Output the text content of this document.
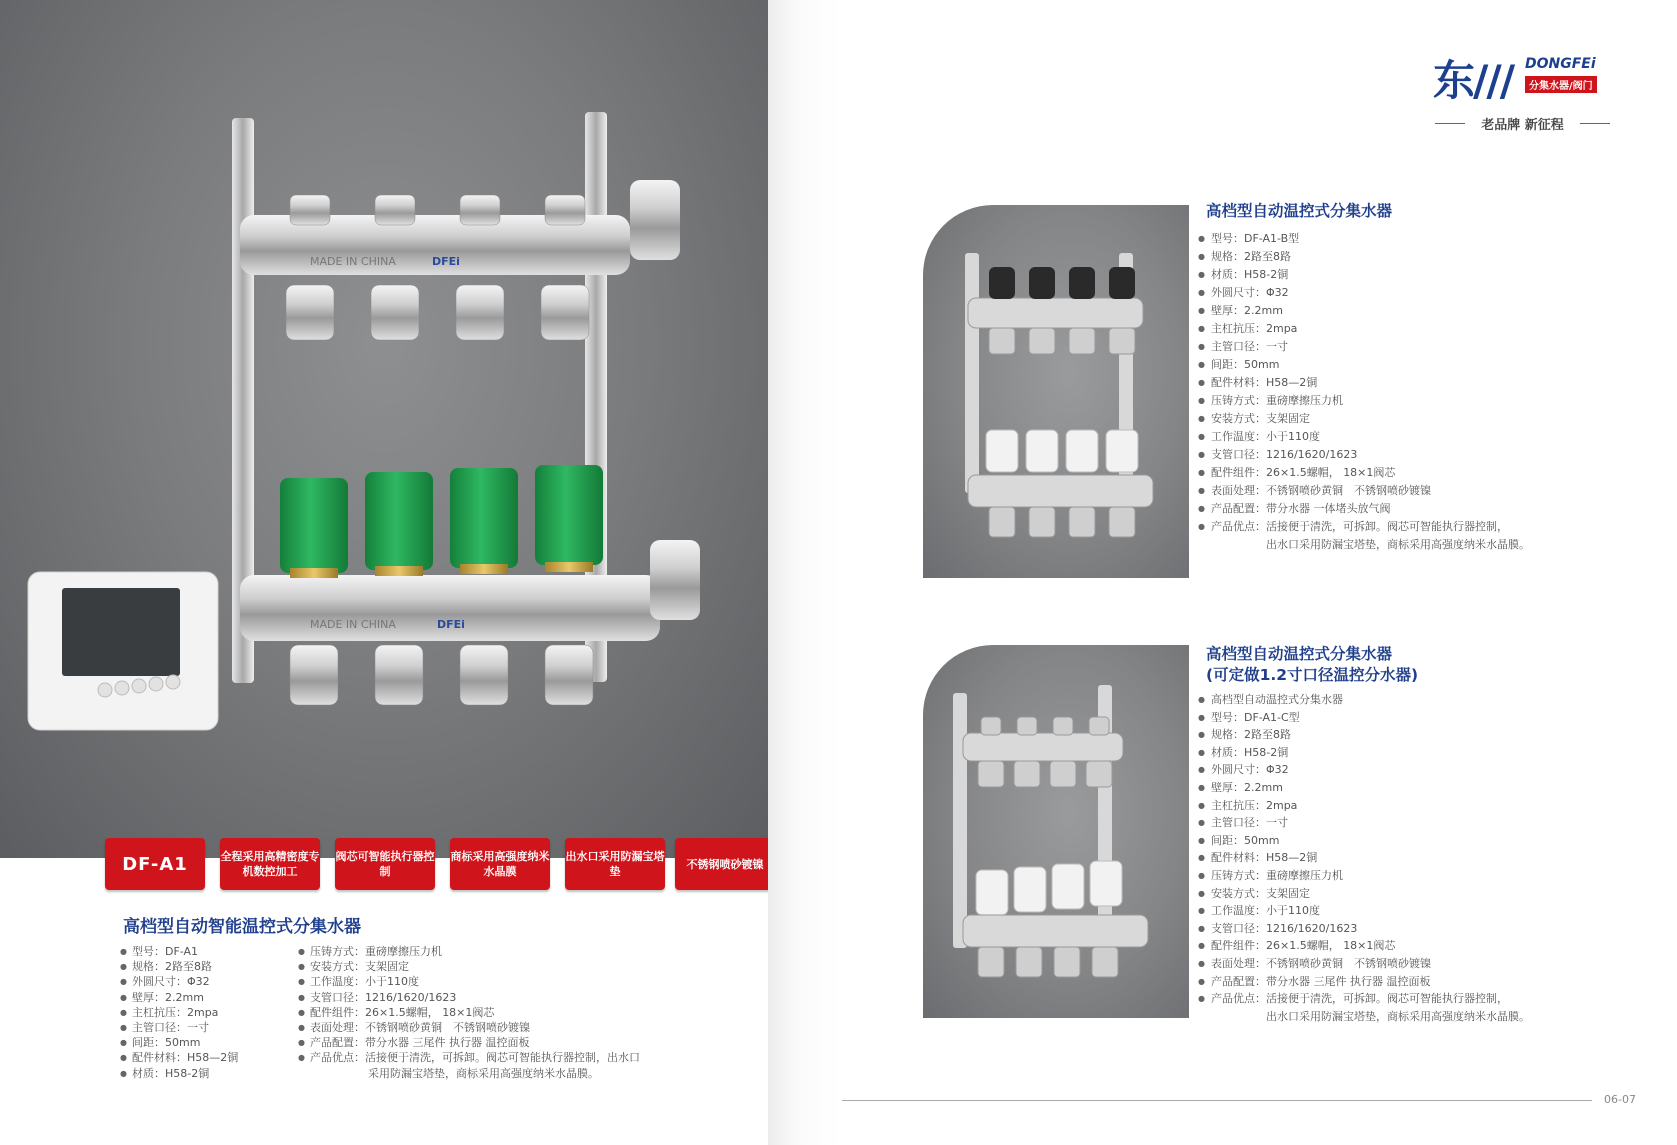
MADE IN CHINA	DFEi
MADE IN CHINA	DFEi
DF-A1	全程采用高精密度专机数控加工
阀芯可智能执行器控制
商标采用高强度纳米水晶膜
出水口采用防漏宝塔垫
不锈钢喷砂镀镍
高档型自动智能温控式分集水器
● 型号：DF-A1
● 规格：2路至8路
● 外圆尺寸：Φ32
● 壁厚：2.2mm
● 主杠抗压：2mpa
● 主管口径：一寸
● 间距：50mm
● 配件材料：H58—2铜
● 材质：H58-2铜
● 压铸方式：重磅摩擦压力机
● 安装方式：支架固定
● 工作温度：小于110度
● 支管口径：1216/1620/1623
● 配件组件：26×1.5螺帽， 18×1阀芯
● 表面处理：不锈钢喷砂黄铜　不锈钢喷砂镀镍
● 产品配置：带分水器 三尾件 执行器 温控面板
● 产品优点：活接便于清洗，可拆卸。阀芯可智能执行器控制，出水口
采用防漏宝塔垫，商标采用高强度纳米水晶膜。
东/// DONGFEi
分集水器/阀门
老品牌 新征程
高档型自动温控式分集水器
● 型号：DF-A1-B型
● 规格：2路至8路
● 材质：H58-2铜
● 外圆尺寸：Φ32
● 壁厚：2.2mm
● 主杠抗压：2mpa
● 主管口径：一寸
● 间距：50mm
● 配件材料：H58—2铜
● 压铸方式：重磅摩擦压力机
● 安装方式：支架固定
● 工作温度：小于110度
● 支管口径：1216/1620/1623
● 配件组件：26×1.5螺帽， 18×1阀芯
● 表面处理：不锈钢喷砂黄铜　不锈钢喷砂镀镍
● 产品配置：带分水器 一体堵头放气阀
● 产品优点：活接便于清洗，可拆卸。阀芯可智能执行器控制，
出水口采用防漏宝塔垫，商标采用高强度纳米水晶膜。
高档型自动温控式分集水器
(可定做1.2寸口径温控分水器)
● 高档型自动温控式分集水器
● 型号：DF-A1-C型
● 规格：2路至8路
● 材质：H58-2铜
● 外圆尺寸：Φ32
● 壁厚：2.2mm
● 主杠抗压：2mpa
● 主管口径：一寸
● 间距：50mm
● 配件材料：H58—2铜
● 压铸方式：重磅摩擦压力机
● 安装方式：支架固定
● 工作温度：小于110度
● 支管口径：1216/1620/1623
● 配件组件：26×1.5螺帽， 18×1阀芯
● 表面处理：不锈钢喷砂黄铜　不锈钢喷砂镀镍
● 产品配置：带分水器 三尾件 执行器 温控面板
● 产品优点：活接便于清洗，可拆卸。阀芯可智能执行器控制，
出水口采用防漏宝塔垫，商标采用高强度纳米水晶膜。
06-07
